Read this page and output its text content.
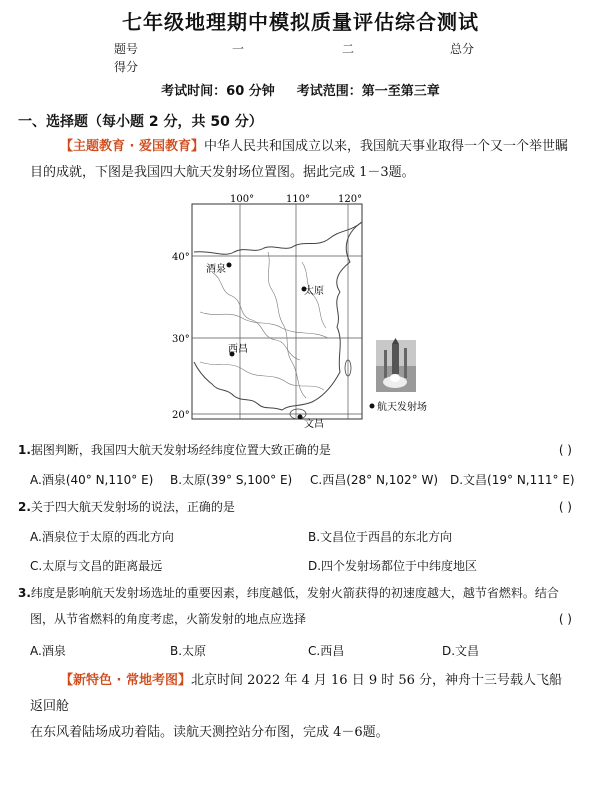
七年级地理期中模拟质量评估综合测试
题号	一	二	总分
得分
考试时间：60 分钟 考试范围：第一至第三章
一、选择题（每小题 2 分，共 50 分）
【主题教育 · 爱国教育】中华人民共和国成立以来，我国航天事业取得一个又一个举世瞩
目的成就，下图是我国四大航天发射场位置图。据此完成 1－3题。
酒泉
太原
西昌
文昌
100°	110°	120°
40°
30°
20°
航天发射场
1.据图判断，我国四大航天发射场经纬度位置大致正确的是	( )
A.酒泉(40° N,110° E) B.太原(39° S,100° E) C.西昌(28° N,102° W) D.文昌(19° N,111° E)
2.关于四大航天发射场的说法，正确的是	( )
A.酒泉位于太原的西北方向	B.文昌位于西昌的东北方向
C.太原与文昌的距离最远	D.四个发射场都位于中纬度地区
3.纬度是影响航天发射场选址的重要因素，纬度越低，发射火箭获得的初速度越大，越节省燃料。结合
图，从节省燃料的角度考虑，火箭发射的地点应选择	( )
A.酒泉	B.太原	C.西昌	D.文昌
【新特色 · 常地考图】北京时间 2022 年 4 月 16 日 9 时 56 分，神舟十三号载人飞船返回舱
在东风着陆场成功着陆。读航天测控站分布图，完成 4－6题。
